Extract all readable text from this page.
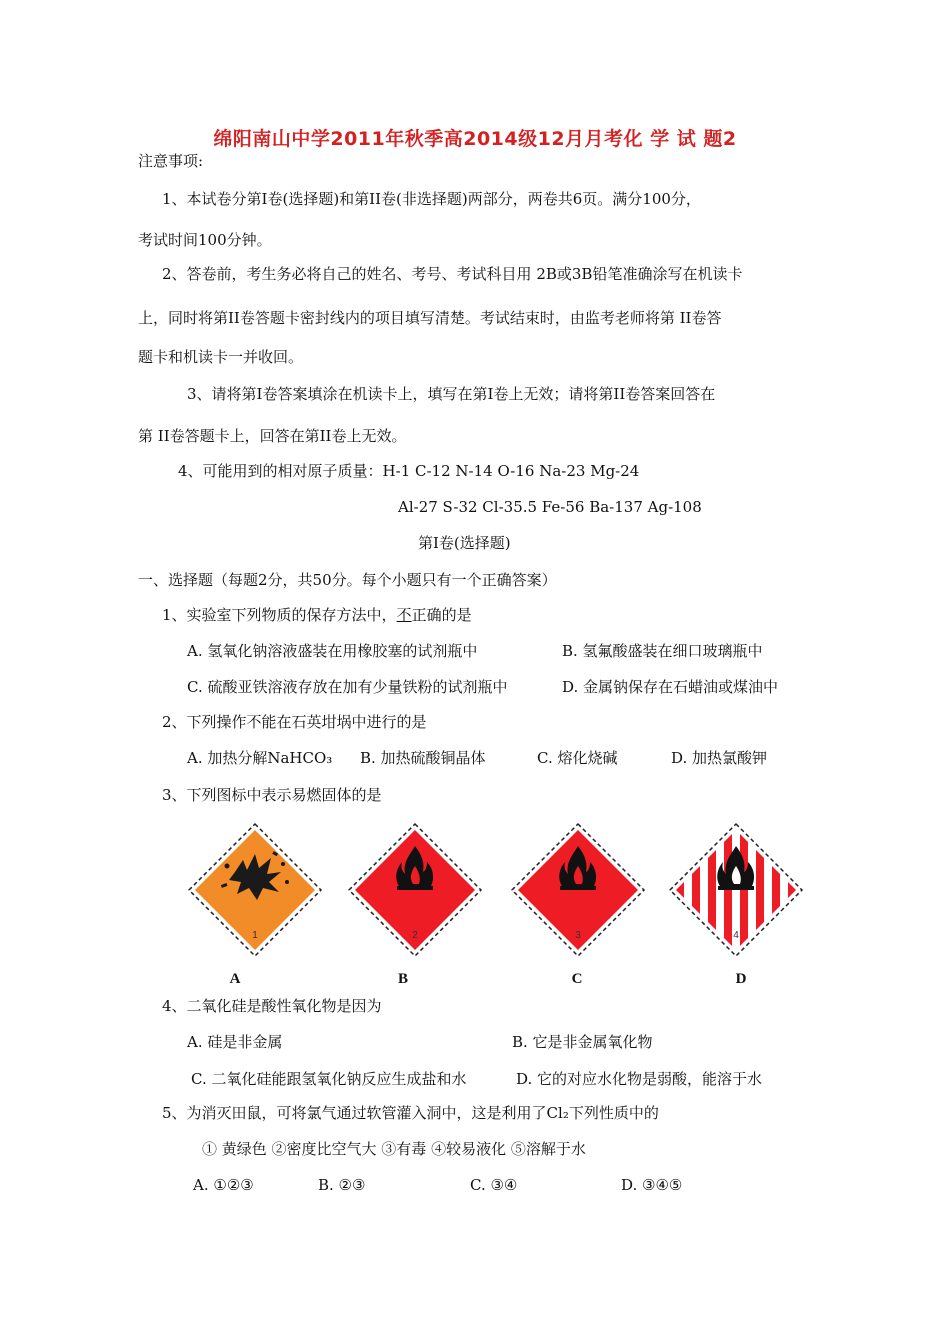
绵阳南山中学2011年秋季高2014级12月月考化 学 试 题2
注意事项:
1、本试卷分第I卷(选择题)和第II卷(非选择题)两部分，两卷共6页。满分100分，
考试时间100分钟。
2、答卷前，考生务必将自己的姓名、考号、考试科目用 2B或3B铅笔准确涂写在机读卡
上，同时将第II卷答题卡密封线内的项目填写清楚。考试结束时，由监考老师将第 II卷答
题卡和机读卡一并收回。
3、请将第I卷答案填涂在机读卡上，填写在第I卷上无效；请将第II卷答案回答在
第 II卷答题卡上，回答在第II卷上无效。
4、可能用到的相对原子质量：H-1 C-12 N-14 O-16 Na-23 Mg-24
Al-27 S-32 Cl-35.5 Fe-56 Ba-137 Ag-108
第I卷(选择题)
一、选择题（每题2分，共50分。每个小题只有一个正确答案）
1、实验室下列物质的保存方法中，不正确的是
A. 氢氧化钠溶液盛装在用橡胶塞的试剂瓶中	B. 氢氟酸盛装在细口玻璃瓶中
C. 硫酸亚铁溶液存放在加有少量铁粉的试剂瓶中	D. 金属钠保存在石蜡油或煤油中
2、下列操作不能在石英坩埚中进行的是
A. 加热分解NaHCO₃ B. 加热硫酸铜晶体	C. 熔化烧碱	D. 加热氯酸钾
3、下列图标中表示易燃固体的是
1	2	3	4
A	B	C	D
4、二氧化硅是酸性氧化物是因为
A. 硅是非金属	B. 它是非金属氧化物
C. 二氧化硅能跟氢氧化钠反应生成盐和水	D. 它的对应水化物是弱酸，能溶于水
5、为消灭田鼠，可将氯气通过软管灌入洞中，这是利用了Cl₂下列性质中的
① 黄绿色 ②密度比空气大 ③有毒 ④较易液化 ⑤溶解于水
A. ①②③	B. ②③	C. ③④	D. ③④⑤
